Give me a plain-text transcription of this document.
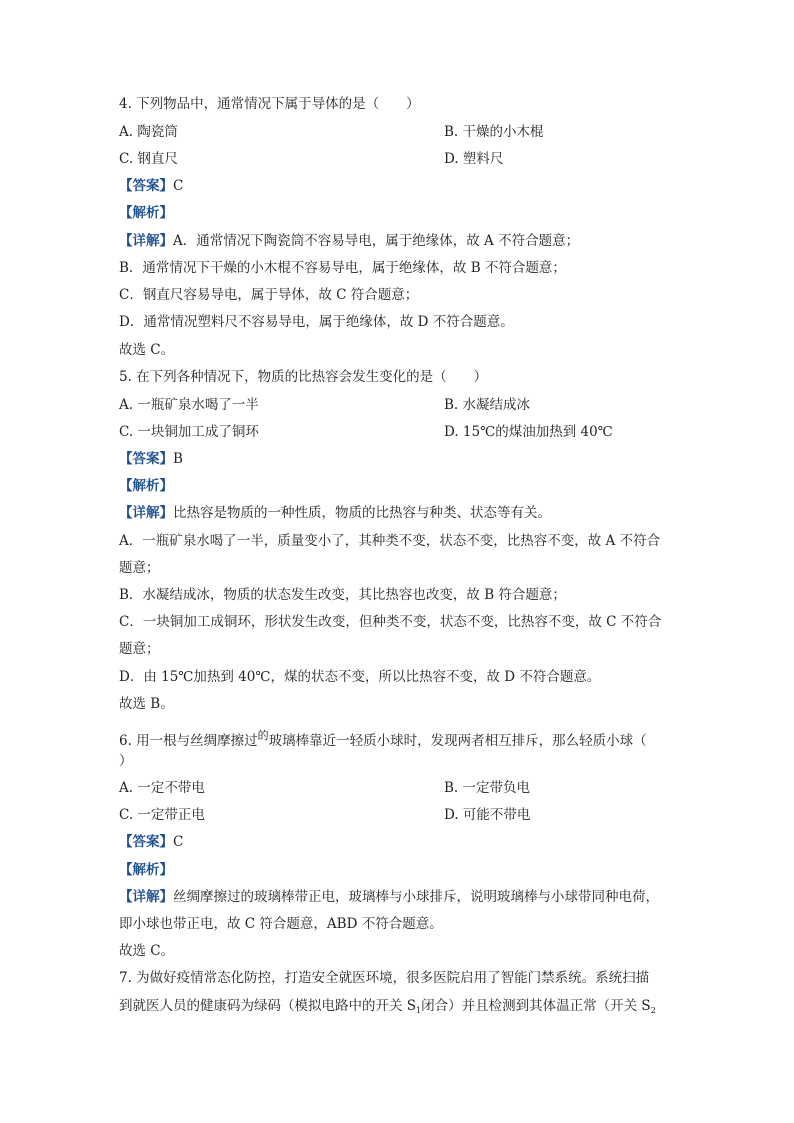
4. 下列物品中，通常情况下属于导体的是（　　）
A. 陶瓷筒	B. 干燥的小木棍
C. 钢直尺	D. 塑料尺
【答案】C
【解析】
【详解】A．通常情况下陶瓷筒不容易导电，属于绝缘体，故 A 不符合题意；
B．通常情况下干燥的小木棍不容易导电，属于绝缘体，故 B 不符合题意；
C．钢直尺容易导电，属于导体，故 C 符合题意；
D．通常情况塑料尺不容易导电，属于绝缘体，故 D 不符合题意。
故选 C。
5. 在下列各种情况下，物质的比热容会发生变化的是（　　）
A. 一瓶矿泉水喝了一半	B. 水凝结成冰
C. 一块铜加工成了铜环	D. 15℃的煤油加热到 40℃
【答案】B
【解析】
【详解】比热容是物质的一种性质，物质的比热容与种类、状态等有关。
A．一瓶矿泉水喝了一半，质量变小了，其种类不变，状态不变，比热容不变，故 A 不符合
题意；
B．水凝结成冰，物质的状态发生改变，其比热容也改变，故 B 符合题意；
C．一块铜加工成铜环，形状发生改变，但种类不变，状态不变，比热容不变，故 C 不符合
题意；
D．由 15℃加热到 40℃，煤的状态不变，所以比热容不变，故 D 不符合题意。
故选 B。
6. 用一根与丝绸摩擦过$^的$玻璃棒靠近一轻质小球时，发现两者相互排斥，那么轻质小球（
）
A. 一定不带电	B. 一定带负电
C. 一定带正电	D. 可能不带电
【答案】C
【解析】
【详解】丝绸摩擦过的玻璃棒带正电，玻璃棒与小球排斥，说明玻璃棒与小球带同种电荷，
即小球也带正电，故 C 符合题意，ABD 不符合题意。
故选 C。
7. 为做好疫情常态化防控，打造安全就医环境，很多医院启用了智能门禁系统。系统扫描
到就医人员的健康码为绿码（模拟电路中的开关 $S_1$闭合）并且检测到其体温正常（开关 $S_2$
